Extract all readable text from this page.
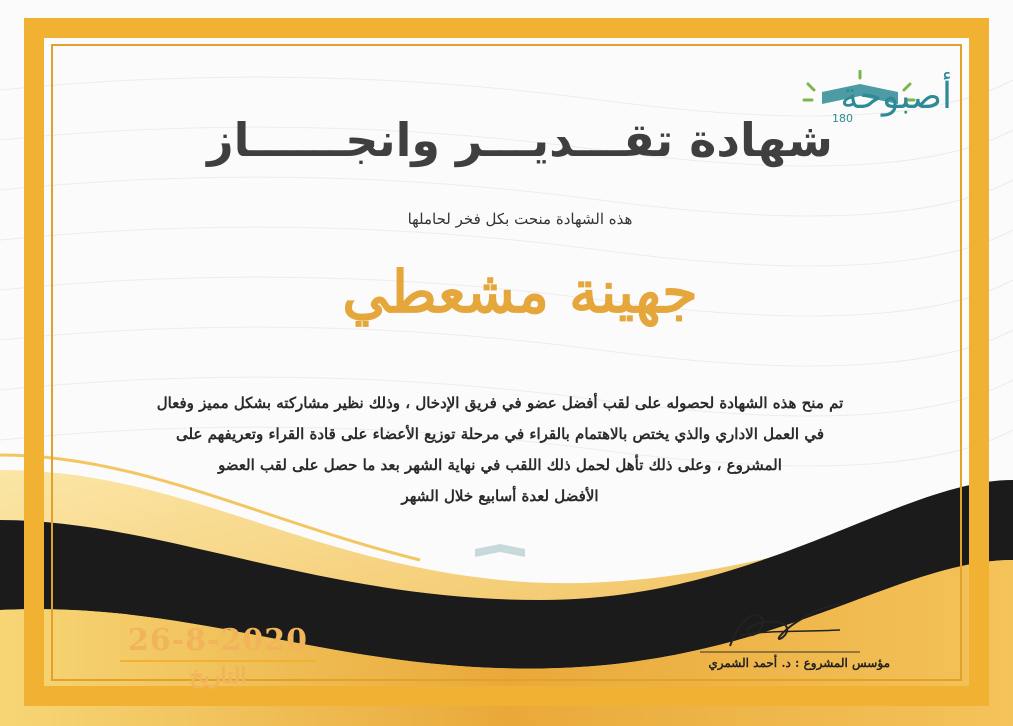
أصبوحة
180
شهادة تقـــديـــر وانجــــــاز
هذه الشهادة منحت بكل فخر لحاملها
جهينة مشعطي
تم منح هذه الشهادة لحصوله على لقب أفضل عضو في فريق الإدخال ، وذلك نظير مشاركته بشكل مميز وفعال
في العمل الاداري والذي يختص بالاهتمام بالقراء في مرحلة توزيع الأعضاء على قادة القراء وتعريفهم على
المشروع ، وعلى ذلك تأهل لحمل ذلك اللقب في نهاية الشهر بعد ما حصل على لقب العضو
الأفضل لعدة أسابيع خلال الشهر
26-8-2020
التاريخ	مؤسس المشروع : د. أحمد الشمري
